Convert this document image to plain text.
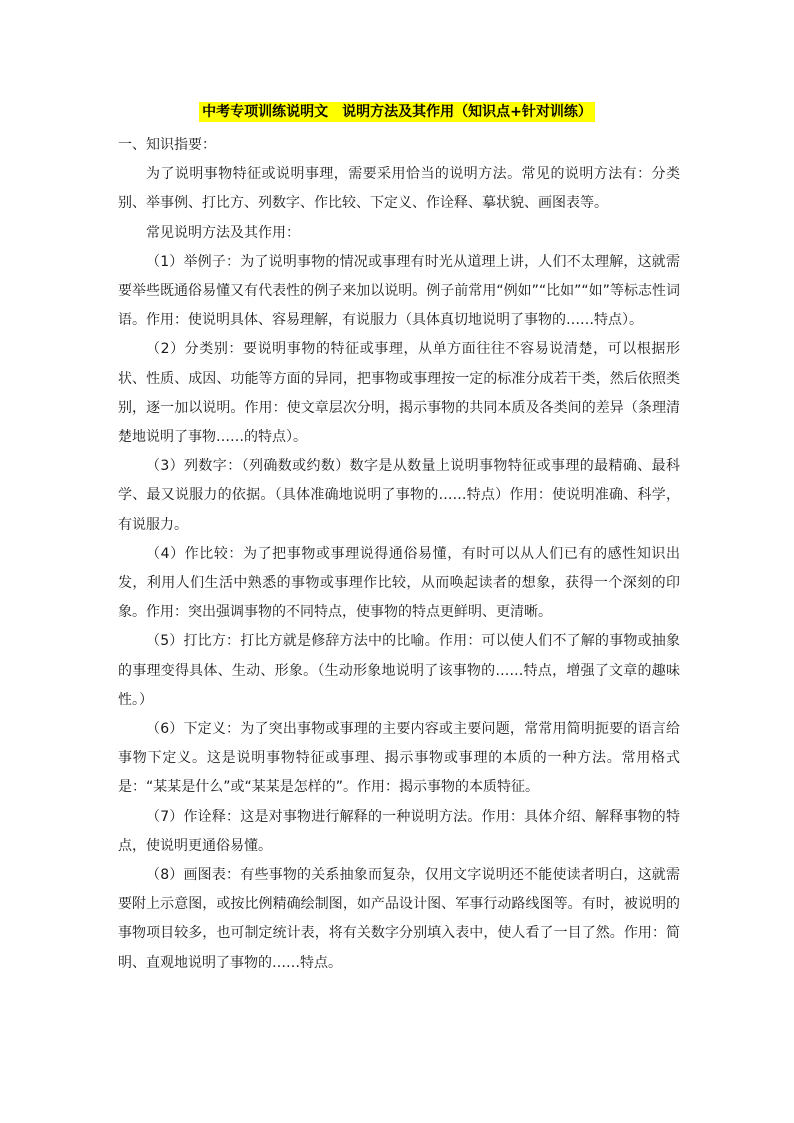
中考专项训练说明文　说明方法及其作用（知识点+针对训练）

一、知识指要：

为了说明事物特征或说明事理，需要采用恰当的说明方法。常见的说明方法有：分类别、举事例、打比方、列数字、作比较、下定义、作诠释、摹状貌、画图表等。

常见说明方法及其作用：

（1）举例子：为了说明事物的情况或事理有时光从道理上讲，人们不太理解，这就需要举些既通俗易懂又有代表性的例子来加以说明。例子前常用“例如”“比如”“如”等标志性词语。作用：使说明具体、容易理解，有说服力（具体真切地说明了事物的……特点）。

（2）分类别：要说明事物的特征或事理，从单方面往往不容易说清楚，可以根据形状、性质、成因、功能等方面的异同，把事物或事理按一定的标准分成若干类，然后依照类别，逐一加以说明。作用：使文章层次分明，揭示事物的共同本质及各类间的差异（条理清楚地说明了事物……的特点）。

（3）列数字：（列确数或约数）数字是从数量上说明事物特征或事理的最精确、最科学、最又说服力的依据。（具体准确地说明了事物的……特点）作用：使说明准确、科学，有说服力。

（4）作比较：为了把事物或事理说得通俗易懂，有时可以从人们已有的感性知识出发，利用人们生活中熟悉的事物或事理作比较，从而唤起读者的想象，获得一个深刻的印象。作用：突出强调事物的不同特点，使事物的特点更鲜明、更清晰。

（5）打比方：打比方就是修辞方法中的比喻。作用：可以使人们不了解的事物或抽象的事理变得具体、生动、形象。（生动形象地说明了该事物的……特点，增强了文章的趣味性。）

（6）下定义：为了突出事物或事理的主要内容或主要问题，常常用简明扼要的语言给事物下定义。这是说明事物特征或事理、揭示事物或事理的本质的一种方法。常用格式是：“某某是什么”或“某某是怎样的”。作用：揭示事物的本质特征。

（7）作诠释：这是对事物进行解释的一种说明方法。作用：具体介绍、解释事物的特点，使说明更通俗易懂。

（8）画图表：有些事物的关系抽象而复杂，仅用文字说明还不能使读者明白，这就需要附上示意图，或按比例精确绘制图，如产品设计图、军事行动路线图等。有时，被说明的事物项目较多，也可制定统计表，将有关数字分别填入表中，使人看了一目了然。作用：简明、直观地说明了事物的……特点。
